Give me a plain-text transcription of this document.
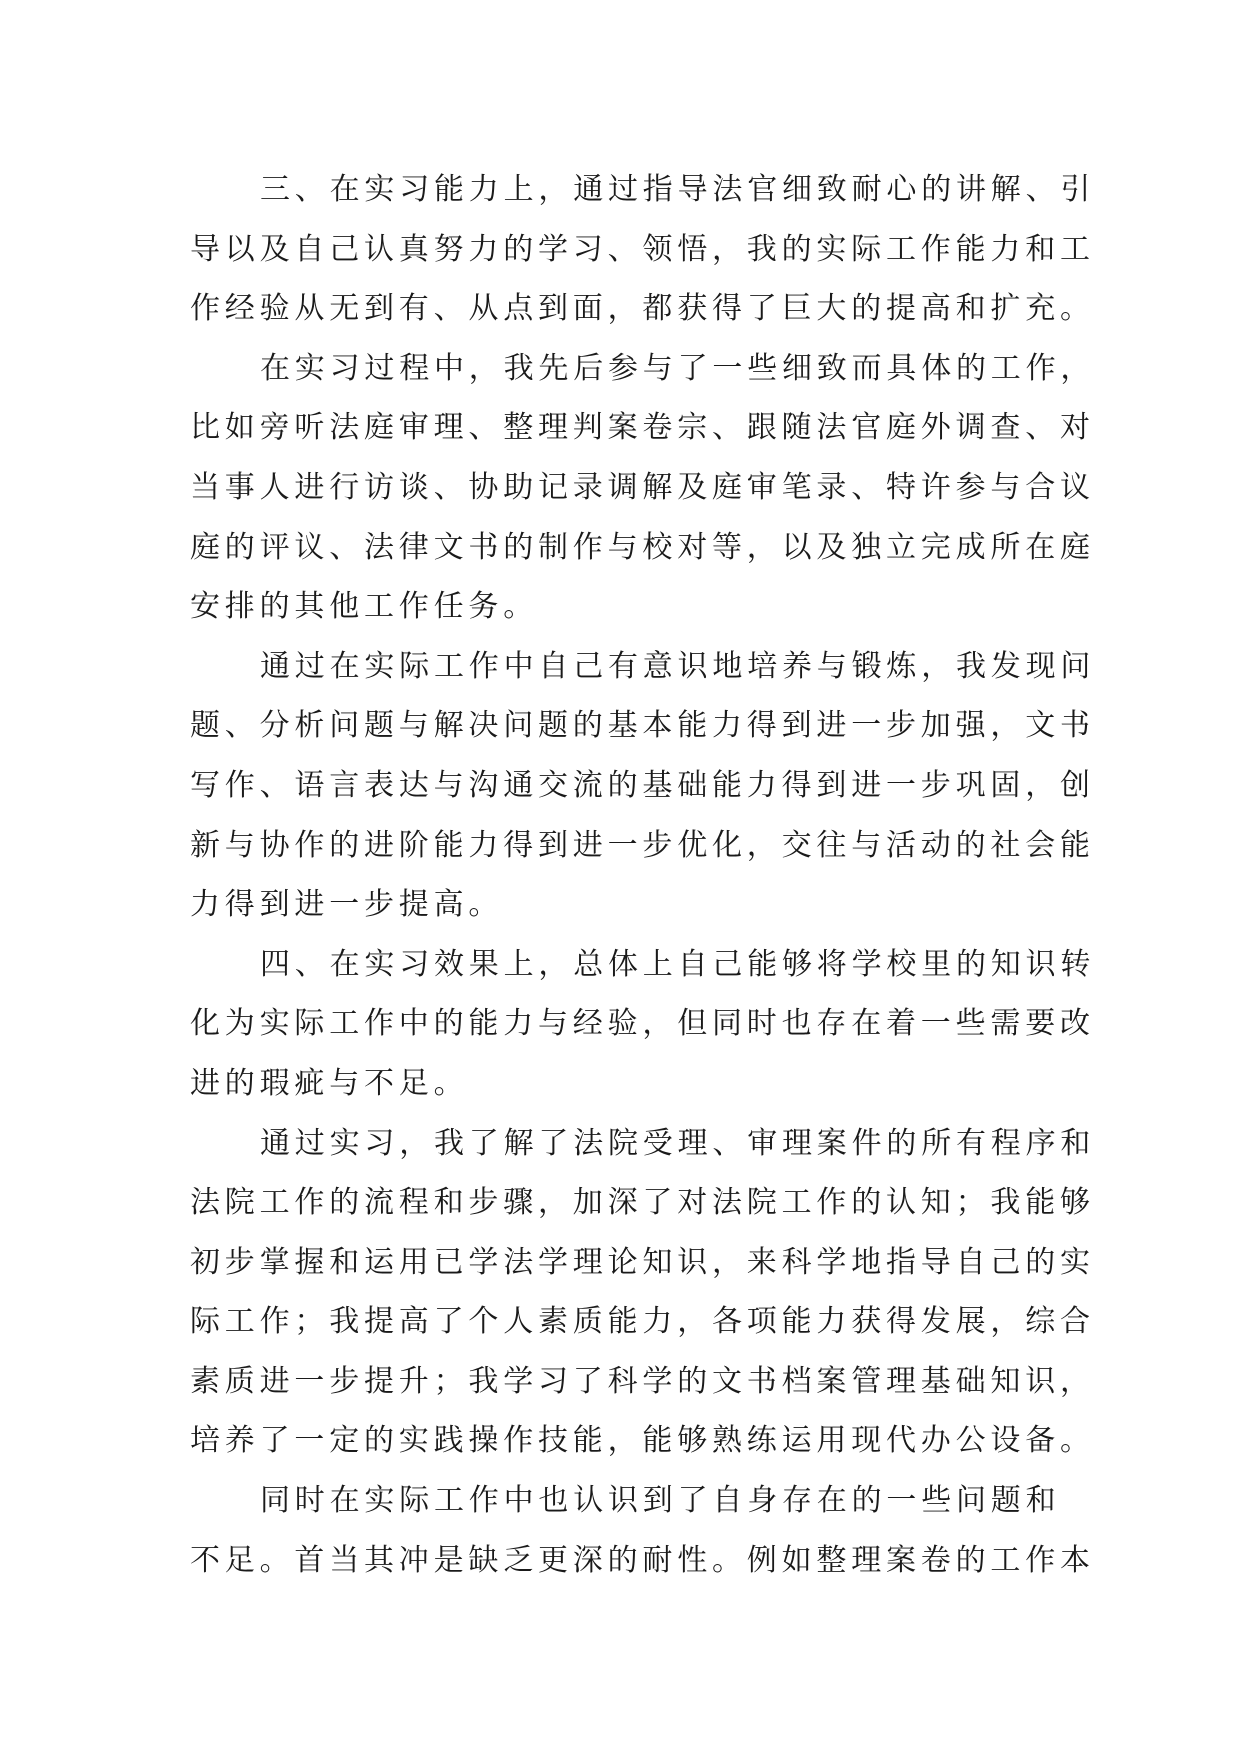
三、在实习能力上，通过指导法官细致耐心的讲解、引
导以及自己认真努力的学习、领悟，我的实际工作能力和工
作经验从无到有、从点到面，都获得了巨大的提高和扩充。
在实习过程中，我先后参与了一些细致而具体的工作，
比如旁听法庭审理、整理判案卷宗、跟随法官庭外调查、对
当事人进行访谈、协助记录调解及庭审笔录、特许参与合议
庭的评议、法律文书的制作与校对等，以及独立完成所在庭
安排的其他工作任务。
通过在实际工作中自己有意识地培养与锻炼，我发现问
题、分析问题与解决问题的基本能力得到进一步加强，文书
写作、语言表达与沟通交流的基础能力得到进一步巩固，创
新与协作的进阶能力得到进一步优化，交往与活动的社会能
力得到进一步提高。
四、在实习效果上，总体上自己能够将学校里的知识转
化为实际工作中的能力与经验，但同时也存在着一些需要改
进的瑕疵与不足。
通过实习，我了解了法院受理、审理案件的所有程序和
法院工作的流程和步骤，加深了对法院工作的认知；我能够
初步掌握和运用已学法学理论知识，来科学地指导自己的实
际工作；我提高了个人素质能力，各项能力获得发展，综合
素质进一步提升；我学习了科学的文书档案管理基础知识，
培养了一定的实践操作技能，能够熟练运用现代办公设备。
同时在实际工作中也认识到了自身存在的一些问题和
不足。首当其冲是缺乏更深的耐性。例如整理案卷的工作本
